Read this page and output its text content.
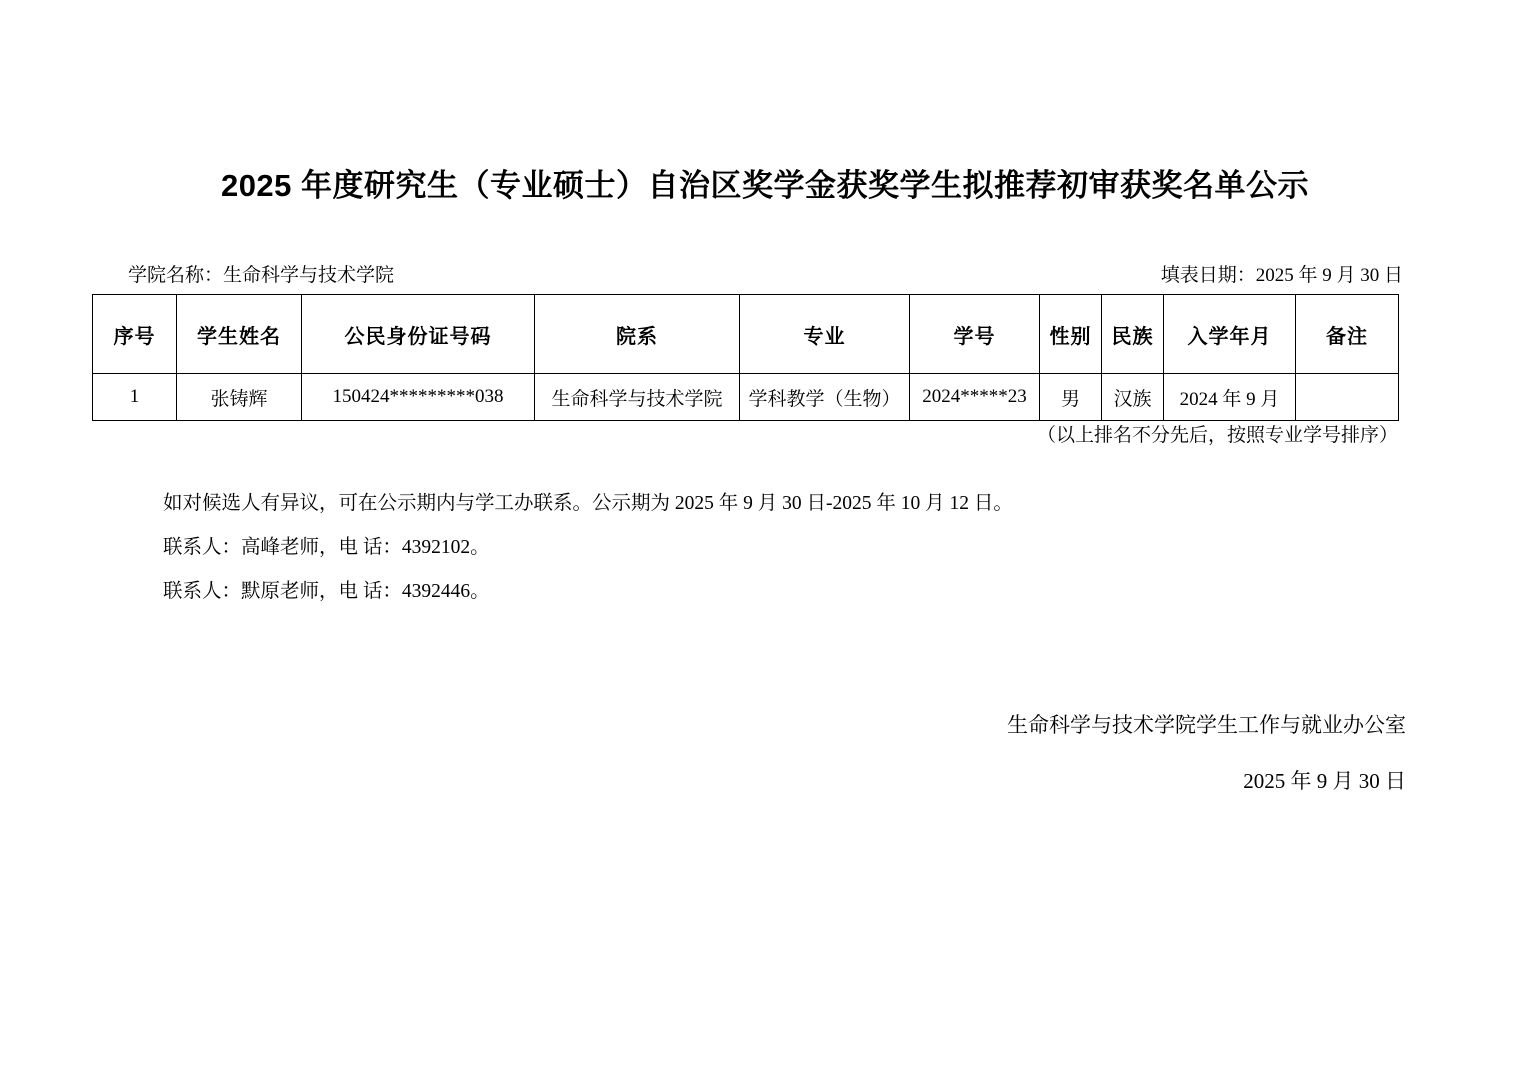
2025 年度研究生（专业硕士）自治区奖学金获奖学生拟推荐初审获奖名单公示
学院名称：生命科学与技术学院	填表日期：2025 年 9 月 30 日
序号	学生姓名	公民身份证号码	院系	专业	学号	性别	民族	入学年月	备注
1	张铸辉	150424*********038	生命科学与技术学院	学科教学（生物）	2024*****23	男	汉族	2024 年 9 月	
（以上排名不分先后，按照专业学号排序）
如对候选人有异议，可在公示期内与学工办联系。公示期为 2025 年 9 月 30 日-2025 年 10 月 12 日。
联系人：高峰老师，电 话：4392102。
联系人：默原老师，电 话：4392446。
生命科学与技术学院学生工作与就业办公室
2025 年 9 月 30 日
